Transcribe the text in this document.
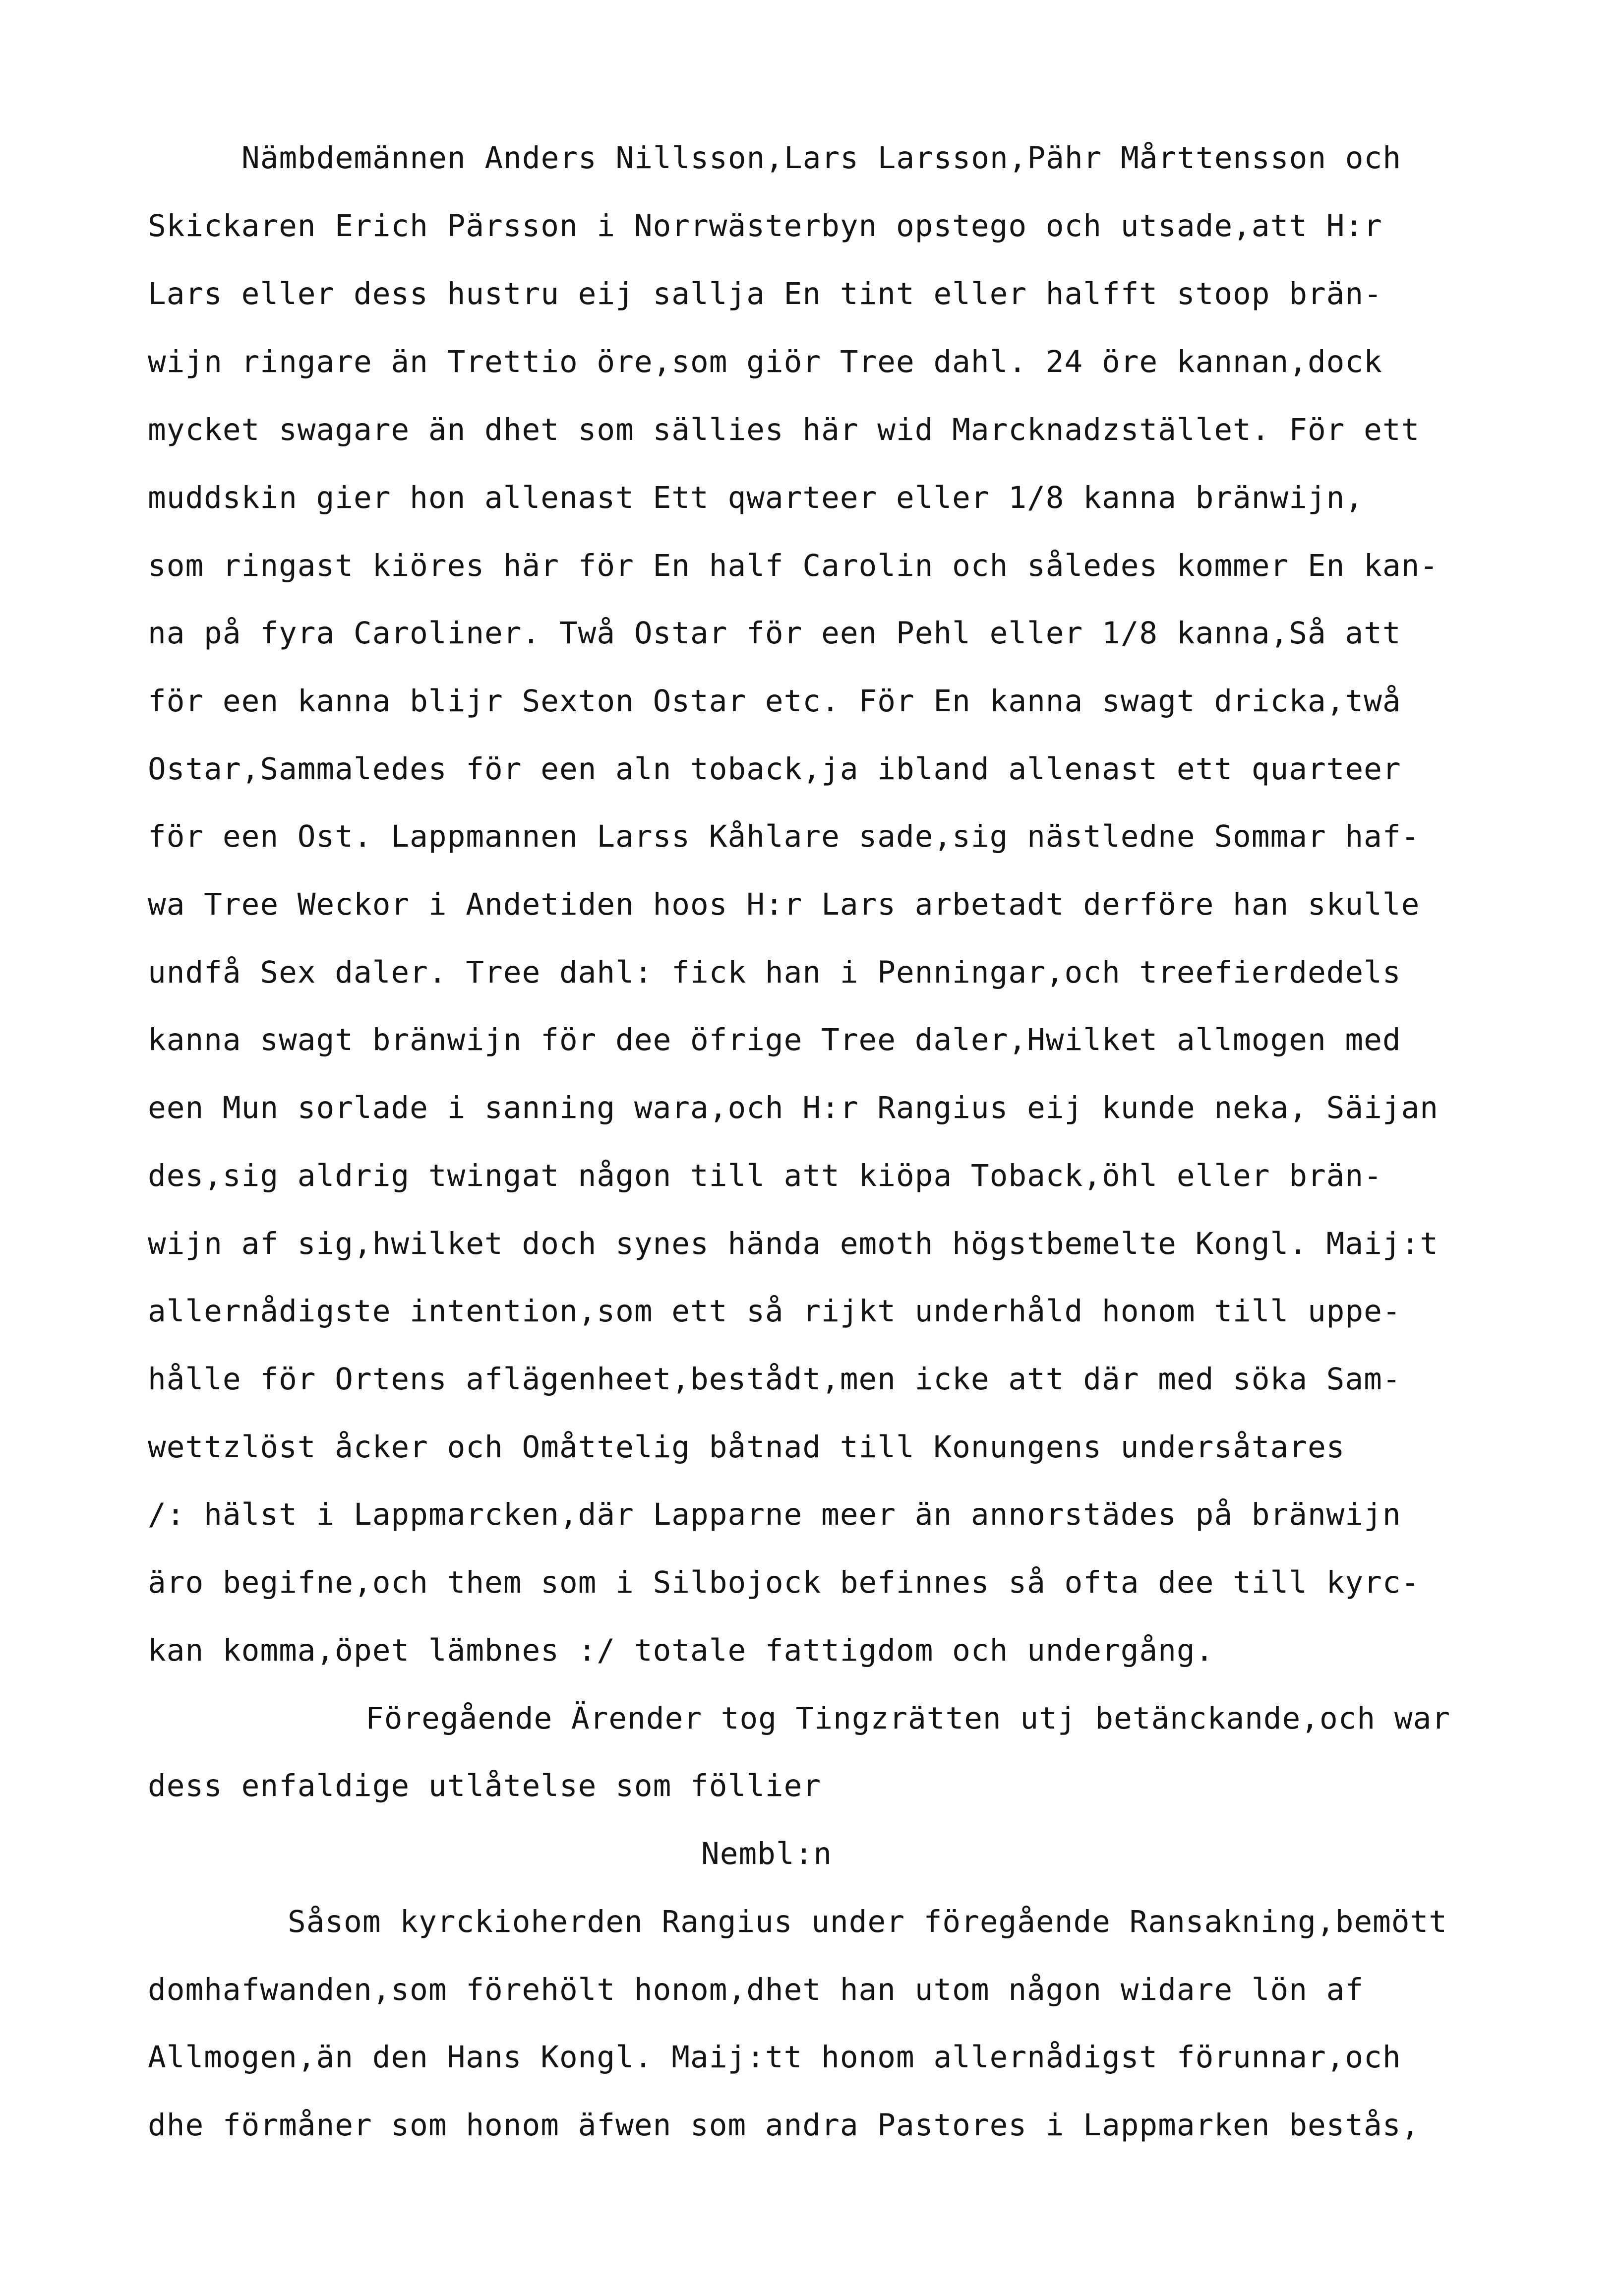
Nämbdemännen Anders Nillsson,Lars Larsson,Pähr Mårttensson och

Skickaren Erich Pärsson i Norrwästerbyn opstego och utsade,att H:r

Lars eller dess hustru eij sallja En tint eller halfft stoop brän-

wijn ringare än Trettio öre,som giör Tree dahl. 24 öre kannan,dock

mycket swagare än dhet som sällies här wid Marcknadzstället. För ett

muddskin gier hon allenast Ett qwarteer eller 1/8 kanna bränwijn,

som ringast kiöres här för En half Carolin och således kommer En kan-

na på fyra Caroliner. Twå Ostar för een Pehl eller 1/8 kanna,Så att

för een kanna blijr Sexton Ostar etc. För En kanna swagt dricka,twå

Ostar,Sammaledes för een aln toback,ja ibland allenast ett quarteer

för een Ost. Lappmannen Larss Kåhlare sade,sig nästledne Sommar haf-

wa Tree Weckor i Andetiden hoos H:r Lars arbetadt derföre han skulle

undfå Sex daler. Tree dahl: fick han i Penningar,och treefierdedels

kanna swagt bränwijn för dee öfrige Tree daler,Hwilket allmogen med

een Mun sorlade i sanning wara,och H:r Rangius eij kunde neka, Säijan

des,sig aldrig twingat någon till att kiöpa Toback,öhl eller brän-

wijn af sig,hwilket doch synes hända emoth högstbemelte Kongl. Maij:t

allernådigste intention,som ett så rijkt underhåld honom till uppe-

hålle för Ortens aflägenheet,bestådt,men icke att där med söka Sam-

wettzlöst åcker och Omåttelig båtnad till Konungens undersåtares

/: hälst i Lappmarcken,där Lapparne meer än annorstädes på bränwijn

äro begifne,och them som i Silbojock befinnes så ofta dee till kyrc-

kan komma,öpet lämbnes :/ totale fattigdom och undergång.

Föregående Ärender tog Tingzrätten utj betänckande,och war

dess enfaldige utlåtelse som föllier

Nembl:n

Såsom kyrckioherden Rangius under föregående Ransakning,bemött

domhafwanden,som förehölt honom,dhet han utom någon widare lön af

Allmogen,än den Hans Kongl. Maij:tt honom allernådigst förunnar,och

dhe förmåner som honom äfwen som andra Pastores i Lappmarken bestås,
